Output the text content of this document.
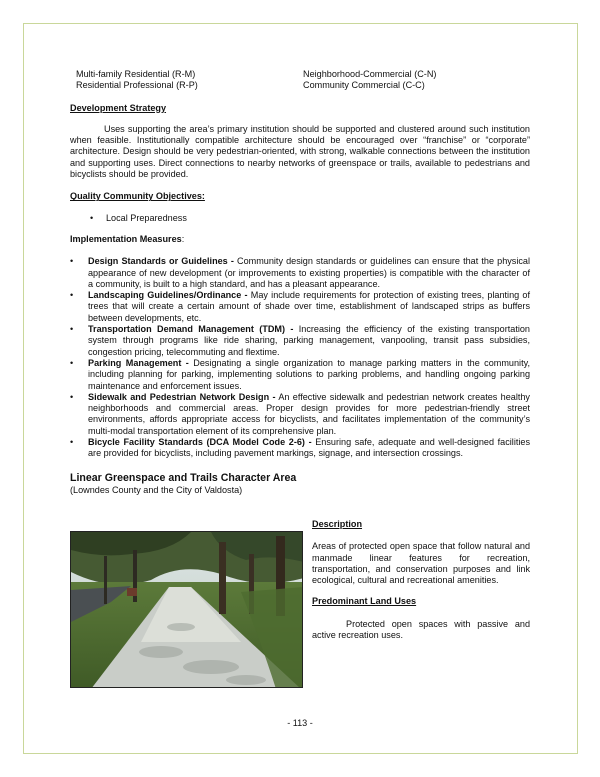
Multi-family Residential (R-M)
Residential Professional (R-P)
Neighborhood-Commercial (C-N)
Community Commercial (C-C)
Development Strategy

Uses supporting the area’s primary institution should be supported and clustered around such institution when feasible. Institutionally compatible architecture should be encouraged over “franchise” or “corporate” architecture. Design should be very pedestrian-oriented, with strong, walkable connections between the institution and supporting uses. Direct connections to nearby networks of greenspace or trails, available to pedestrians and bicyclists should be provided.

Quality Community Objectives:
• Local Preparedness
Implementation Measures:
• Design Standards or Guidelines - Community design standards or guidelines can ensure that the physical appearance of new development (or improvements to existing properties) is compatible with the character of a community, is built to a high standard, and has a pleasant appearance.
• Landscaping Guidelines/Ordinance - May include requirements for protection of existing trees, planting of trees that will create a certain amount of shade over time, establishment of landscaped strips as buffers between developments, etc.
• Transportation Demand Management (TDM) - Increasing the efficiency of the existing transportation system through programs like ride sharing, parking management, vanpooling, transit pass subsidies, congestion pricing, telecommuting and flextime.
• Parking Management - Designating a single organization to manage parking matters in the community, including planning for parking, implementing solutions to parking problems, and handling ongoing parking maintenance and enforcement issues.
• Sidewalk and Pedestrian Network Design - An effective sidewalk and pedestrian network creates healthy neighborhoods and commercial areas. Proper design provides for more pedestrian-friendly street environments, affords appropriate access for bicyclists, and facilitates implementation of the community’s multi-modal transportation element of its comprehensive plan.
• Bicycle Facility Standards (DCA Model Code 2-6) - Ensuring safe, adequate and well-designed facilities are provided for bicyclists, including pavement markings, signage, and intersection crossings.
Linear Greenspace and Trails Character Area
(Lowndes County and the City of Valdosta)
Description

Areas of protected open space that follow natural and manmade linear features for recreation, transportation, and conservation purposes and link ecological, cultural and recreational amenities.

Predominant Land Uses

Protected open spaces with passive and active recreation uses.

- 113 -
